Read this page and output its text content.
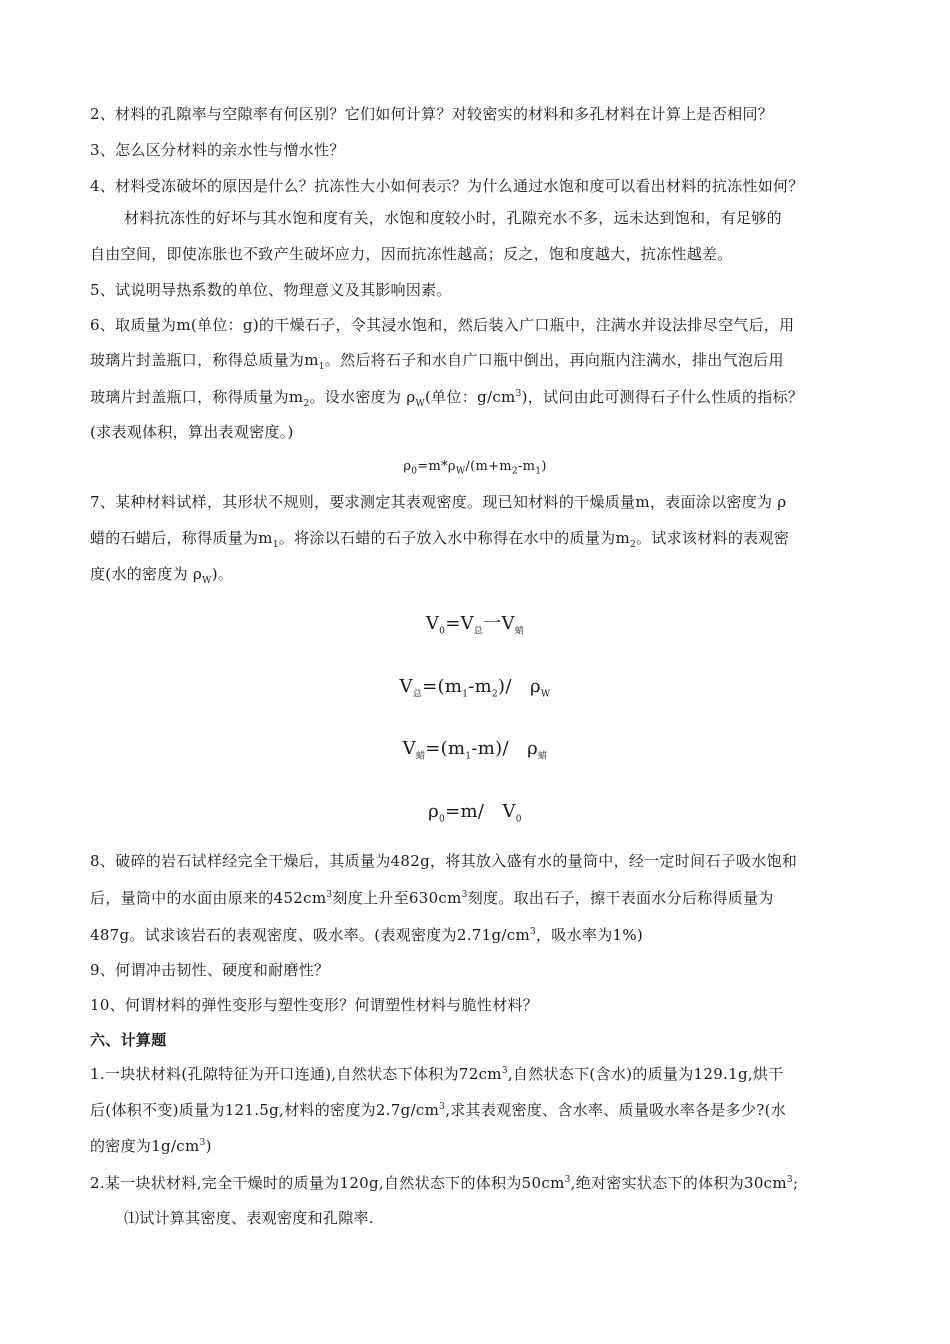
2、材料的孔隙率与空隙率有何区别？它们如何计算？对较密实的材料和多孔材料在计算上是否相同？
3、怎么区分材料的亲水性与憎水性？
4、材料受冻破坏的原因是什么？抗冻性大小如何表示？为什么通过水饱和度可以看出材料的抗冻性如何？
材料抗冻性的好坏与其水饱和度有关，水饱和度较小时，孔隙充水不多，远未达到饱和，有足够的
自由空间，即使冻胀也不致产生破坏应力，因而抗冻性越高；反之，饱和度越大，抗冻性越差。
5、试说明导热系数的单位、物理意义及其影响因素。
6、取质量为m(单位：g)的干燥石子，令其浸水饱和，然后装入广口瓶中，注满水并设法排尽空气后，用
玻璃片封盖瓶口，称得总质量为$m_1$。然后将石子和水自广口瓶中倒出，再向瓶内注满水，排出气泡后用
玻璃片封盖瓶口，称得质量为$m_2$。设水密度为 $\rho_W$(单位：$g/cm^3$)，试问由此可测得石子什么性质的指标？
(求表观体积，算出表观密度。)
$\rho_0=m*\rho_W/(m+m_2-m_1)$
7、某种材料试样，其形状不规则，要求测定其表观密度。现已知材料的干燥质量m，表面涂以密度为 ρ
蜡的石蜡后，称得质量为$m_1$。将涂以石蜡的石子放入水中称得在水中的质量为$m_2$。试求该材料的表观密
度(水的密度为 $\rho_W$)。
$V_0=V_总$一$V_蜡$
$V_总=(m_1-m_2)/$　$\rho_W$
$V_蜡=(m_1-m)/$　$\rho_蜡$
$\rho_0=m/$　$V_0$
8、破碎的岩石试样经完全干燥后，其质量为482g，将其放入盛有水的量筒中，经一定时间石子吸水饱和
后，量筒中的水面由原来的$452cm^3$刻度上升至$630cm^3$刻度。取出石子，擦干表面水分后称得质量为
487g。试求该岩石的表观密度、吸水率。(表观密度为$2.71g/cm^3$，吸水率为1%)
9、何谓冲击韧性、硬度和耐磨性？
10、何谓材料的弹性变形与塑性变形？何谓塑性材料与脆性材料？
六、计算题
1.一块状材料(孔隙特征为开口连通),自然状态下体积为$72cm^3$,自然状态下(含水)的质量为129.1g,烘干
后(体积不变)质量为121.5g,材料的密度为$2.7g/cm^3$,求其表观密度、含水率、质量吸水率各是多少?(水
的密度为$1g/cm^3$)
2.某一块状材料,完全干燥时的质量为120g,自然状态下的体积为$50cm^3$,绝对密实状态下的体积为$30cm^3$;
⑴试计算其密度、表观密度和孔隙率.
